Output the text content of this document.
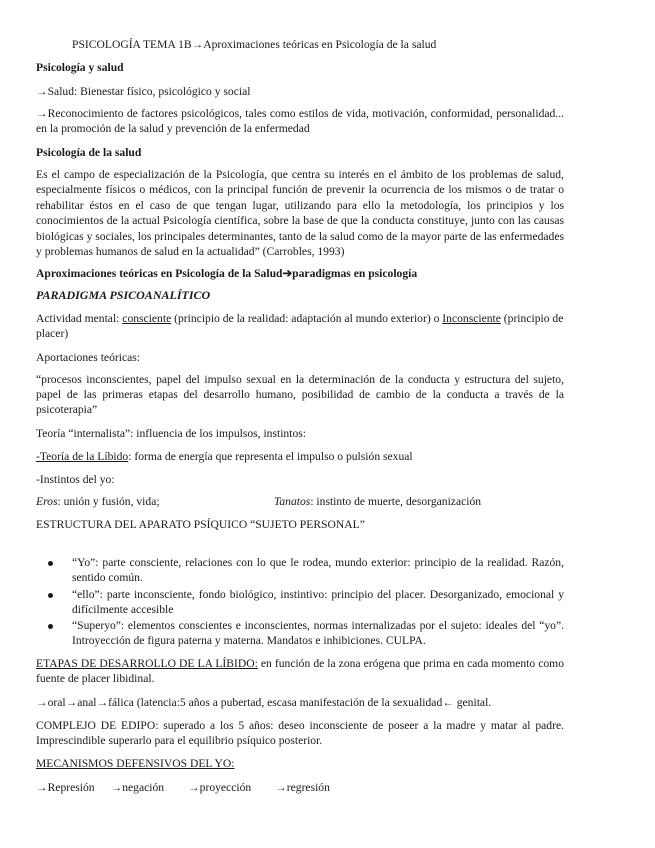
PSICOLOGÍA TEMA 1B→Aproximaciones teóricas en Psicología de la salud

Psicología y salud

→Salud: Bienestar físico, psicológico y social

→Reconocimiento de factores psicológicos, tales como estilos de vida, motivación, conformidad, personalidad... en la promoción de la salud y prevención de la enfermedad

Psicología de la salud

Es el campo de especialización de la Psicología, que centra su interés en el ámbito de los problemas de salud, especialmente físicos o médicos, con la principal función de prevenir la ocurrencia de los mismos o de tratar o rehabilitar éstos en el caso de que tengan lugar, utilizando para ello la metodología, los principios y los conocimientos de la actual Psicología científica, sobre la base de que la conducta constituye, junto con las causas biológicas y sociales, los principales determinantes, tanto de la salud como de la mayor parte de las enfermedades y problemas humanos de salud en la actualidad” (Carrobles, 1993)

Aproximaciones teóricas en Psicología de la Salud➔paradigmas en psicología

PARADIGMA PSICOANALÍTICO

Actividad mental: consciente (principio de la realidad: adaptación al mundo exterior) o Inconsciente (principio de placer)

Aportaciones teóricas:

“procesos inconscientes, papel del impulso sexual en la determinación de la conducta y estructura del sujeto, papel de las primeras etapas del desarrollo humano, posibilidad de cambio de la conducta a través de la psicoterapia”

Teoría “internalista”: influencia de los impulsos, instintos:

-Teoría de la Líbido: forma de energía que representa el impulso o pulsión sexual

-Instintos del yo:

Eros: unión y fusión, vida;	Tanatos: instinto de muerte, desorganización

ESTRUCTURA DEL APARATO PSÍQUICO “SUJETO PERSONAL”

“Yo”: parte consciente, relaciones con lo que le rodea, mundo exterior: principio de la realidad. Razón, sentido común.
“ello”: parte inconsciente, fondo biológico, instintivo: principio del placer. Desorganizado, emocional y difícilmente accesible
“Superyo”: elementos conscientes e inconscientes, normas internalizadas por el sujeto: ideales del “yo”. Introyección de figura paterna y materna. Mandatos e inhibiciones. CULPA.

ETAPAS DE DESARROLLO DE LA LÍBIDO: en función de la zona erógena que prima en cada momento como fuente de placer libidinal.

→oral→anal→fálica (latencia:5 años a pubertad, escasa manifestación de la sexualidad← genital.

COMPLEJO DE EDIPO: superado a los 5 años: deseo inconsciente de poseer a la madre y matar al padre. Imprescindible superarlo para el equilibrio psíquico posterior.

MECANISMOS DEFENSIVOS DEL YO:

→Represión →negación →proyección →regresión
